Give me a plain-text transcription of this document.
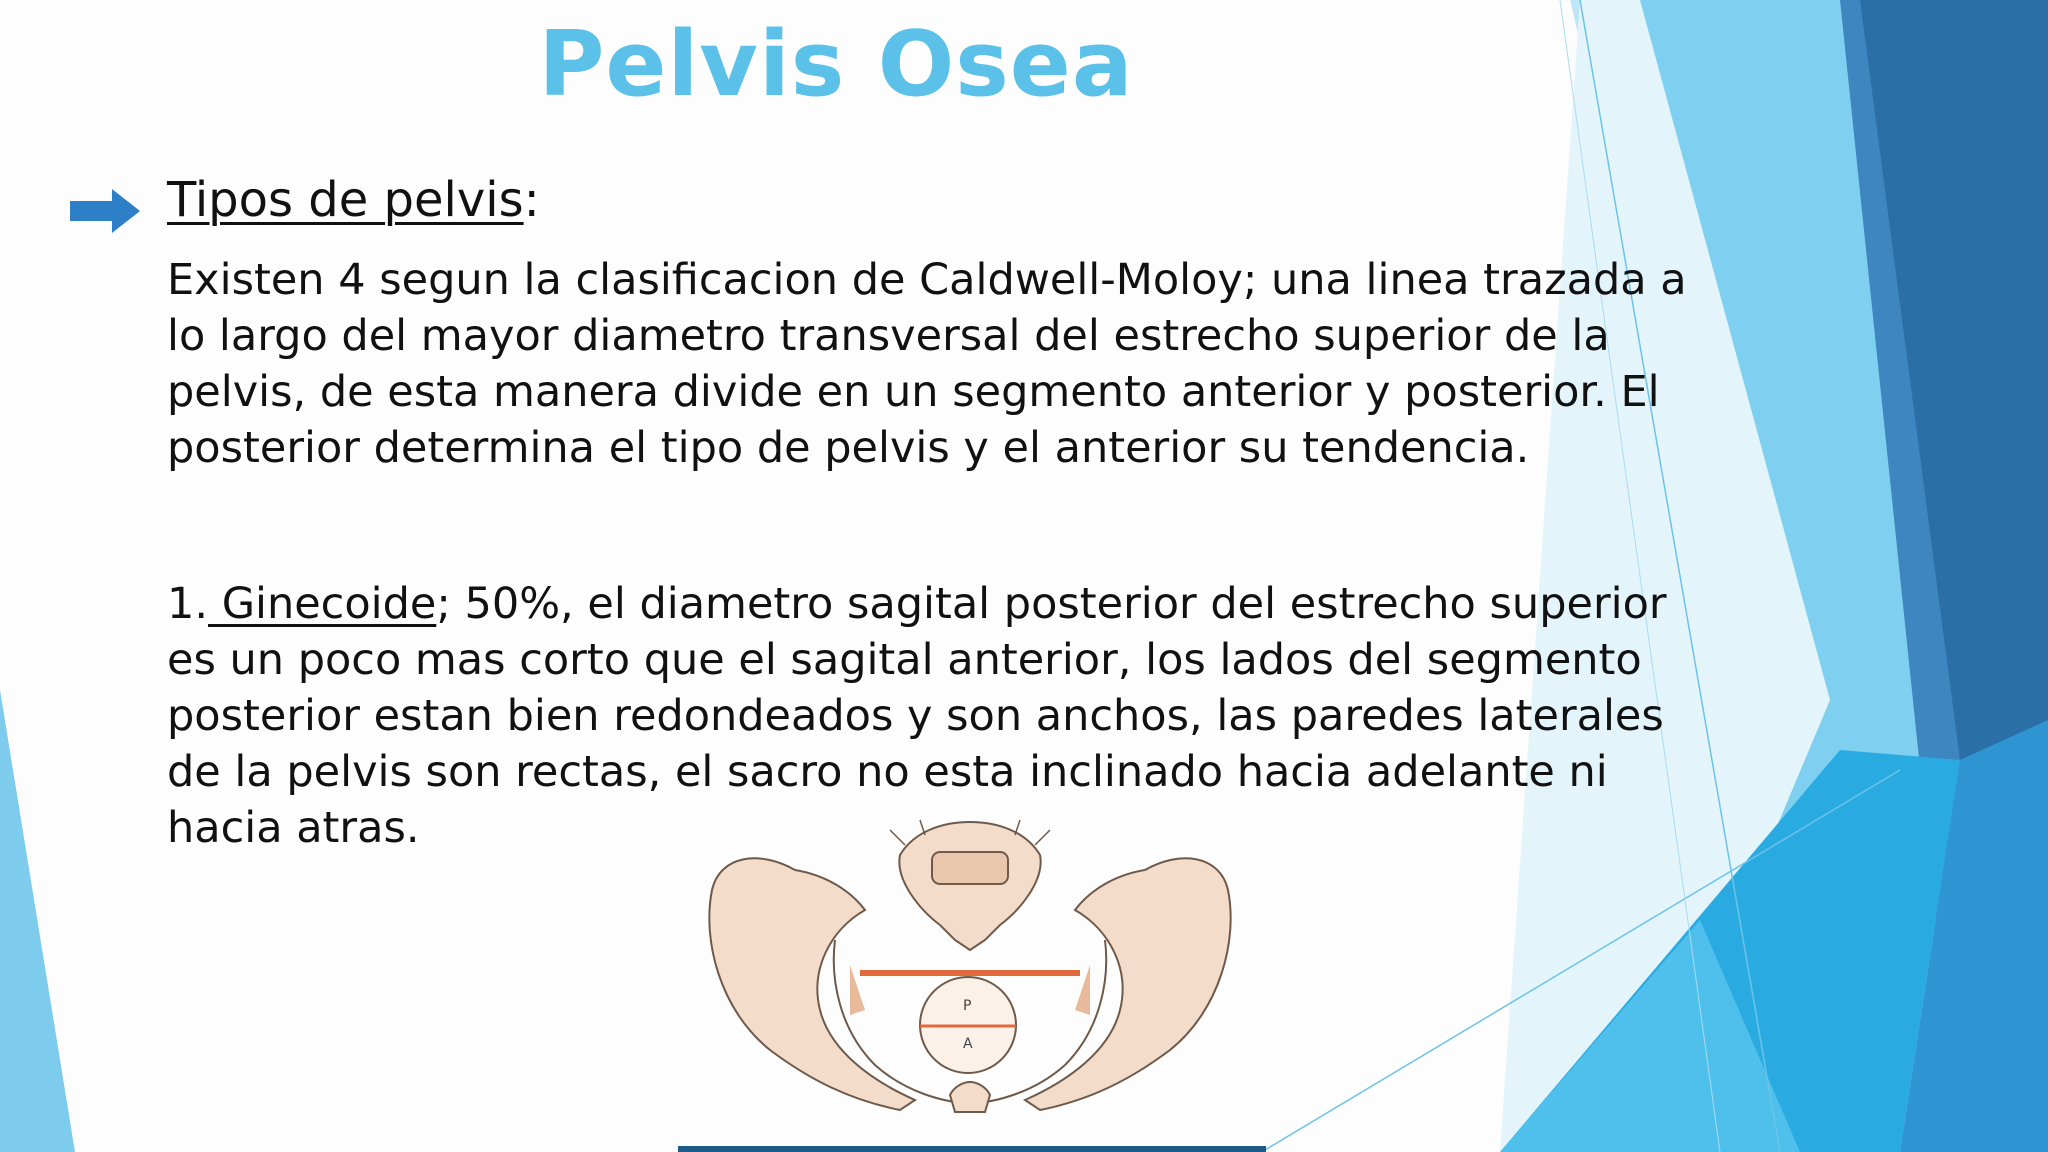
Pelvis Osea

Tipos de pelvis:

Existen 4 segun la clasificacion de Caldwell-Moloy; una linea trazada a
lo largo del mayor diametro transversal del estrecho superior de la
pelvis, de esta manera divide en un segmento anterior y posterior. El
posterior determina el tipo de pelvis y el anterior su tendencia.

1. Ginecoide; 50%, el diametro sagital posterior del estrecho superior
es un poco mas corto que el sagital anterior, los lados del segmento
posterior estan bien redondeados y son anchos, las paredes laterales
de la pelvis son rectas, el sacro no esta inclinado hacia adelante ni
hacia atras.

P
A
